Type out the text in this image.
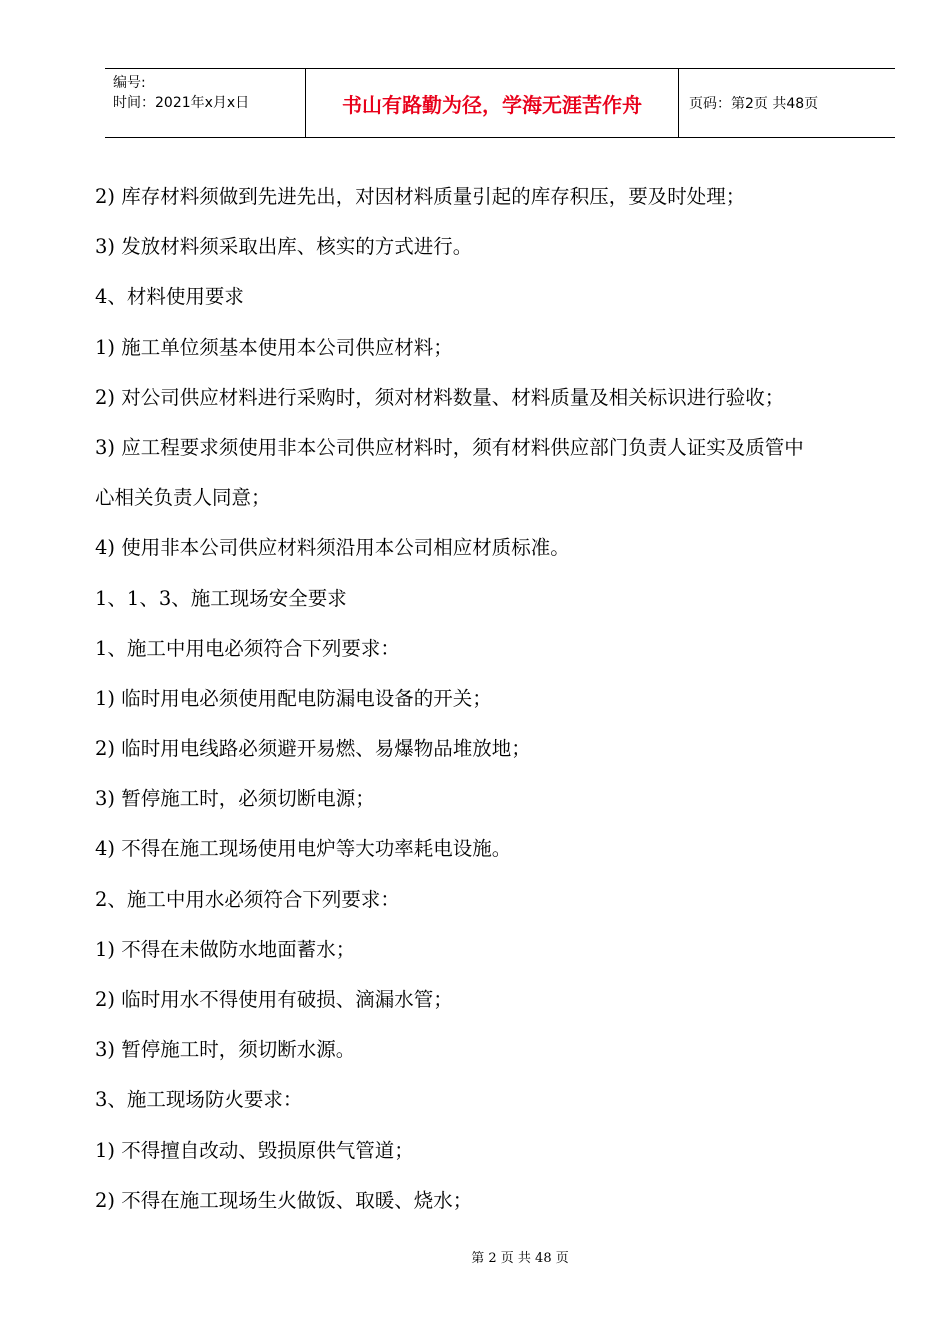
编号:
时间：2021年x月x日	书山有路勤为径，学海无涯苦作舟	页码：第2页 共48页
2) 库存材料须做到先进先出，对因材料质量引起的库存积压，要及时处理；
3) 发放材料须采取出库、核实的方式进行。
4、材料使用要求
1) 施工单位须基本使用本公司供应材料；
2) 对公司供应材料进行采购时，须对材料数量、材料质量及相关标识进行验收；
3) 应工程要求须使用非本公司供应材料时，须有材料供应部门负责人证实及质管中
心相关负责人同意；
4) 使用非本公司供应材料须沿用本公司相应材质标准。
1、1、3、施工现场安全要求
1、施工中用电必须符合下列要求：
1) 临时用电必须使用配电防漏电设备的开关；
2) 临时用电线路必须避开易燃、易爆物品堆放地；
3) 暂停施工时，必须切断电源；
4) 不得在施工现场使用电炉等大功率耗电设施。
2、施工中用水必须符合下列要求：
1) 不得在未做防水地面蓄水；
2) 临时用水不得使用有破损、滴漏水管；
3) 暂停施工时，须切断水源。
3、施工现场防火要求：
1) 不得擅自改动、毁损原供气管道；
2) 不得在施工现场生火做饭、取暖、烧水；
第 2 页 共 48 页
